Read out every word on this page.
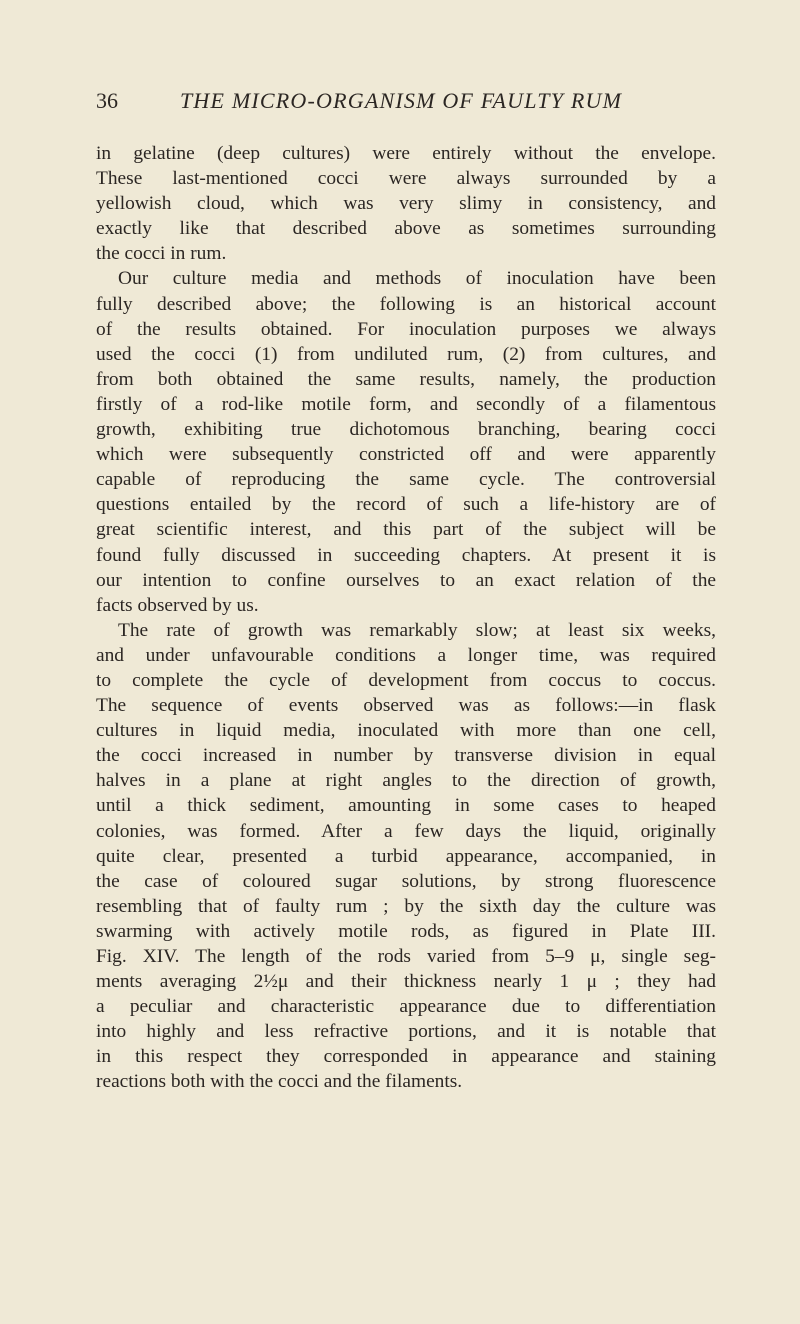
36	THE MICRO-ORGANISM OF FAULTY RUM
in gelatine (deep cultures) were entirely without the envelope.
These last-mentioned cocci were always surrounded by a
yellowish cloud, which was very slimy in consistency, and
exactly like that described above as sometimes surrounding
the cocci in rum.
Our culture media and methods of inoculation have been
fully described above; the following is an historical account
of the results obtained. For inoculation purposes we always
used the cocci (1) from undiluted rum, (2) from cultures, and
from both obtained the same results, namely, the production
firstly of a rod-like motile form, and secondly of a filamentous
growth, exhibiting true dichotomous branching, bearing cocci
which were subsequently constricted off and were apparently
capable of reproducing the same cycle. The controversial
questions entailed by the record of such a life-history are of
great scientific interest, and this part of the subject will be
found fully discussed in succeeding chapters. At present it is
our intention to confine ourselves to an exact relation of the
facts observed by us.
The rate of growth was remarkably slow; at least six weeks,
and under unfavourable conditions a longer time, was required
to complete the cycle of development from coccus to coccus.
The sequence of events observed was as follows:—in flask
cultures in liquid media, inoculated with more than one cell,
the cocci increased in number by transverse division in equal
halves in a plane at right angles to the direction of growth,
until a thick sediment, amounting in some cases to heaped
colonies, was formed. After a few days the liquid, originally
quite clear, presented a turbid appearance, accompanied, in
the case of coloured sugar solutions, by strong fluorescence
resembling that of faulty rum ; by the sixth day the culture was
swarming with actively motile rods, as figured in Plate III.
Fig. XIV. The length of the rods varied from 5–9 μ, single seg-
ments averaging 2½μ and their thickness nearly 1 μ ; they had
a peculiar and characteristic appearance due to differentiation
into highly and less refractive portions, and it is notable that
in this respect they corresponded in appearance and staining
reactions both with the cocci and the filaments.
